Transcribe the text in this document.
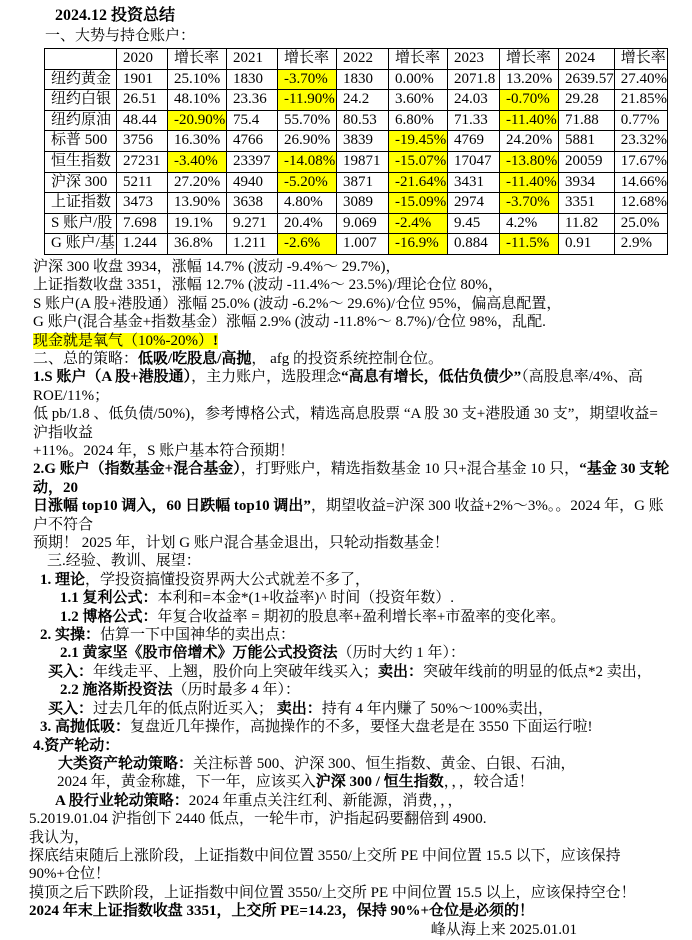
2024.12 投资总结
一、大势与持仓账户：
	2020	增长率	2021	增长率	2022	增长率	2023	增长率	2024	增长率
纽约黄金	1901	25.10%	1830	-3.70%	1830	0.00%	2071.8	13.20%	2639.57	27.40%
纽约白银	26.51	48.10%	23.36	-11.90%	24.2	3.60%	24.03	-0.70%	29.28	21.85%
纽约原油	48.44	-20.90%	75.4	55.70%	80.53	6.80%	71.33	-11.40%	71.88	0.77%
标普 500	3756	16.30%	4766	26.90%	3839	-19.45%	4769	24.20%	5881	23.32%
恒生指数	27231	-3.40%	23397	-14.08%	19871	-15.07%	17047	-13.80%	20059	17.67%
沪深 300	5211	27.20%	4940	-5.20%	3871	-21.64%	3431	-11.40%	3934	14.66%
上证指数	3473	13.90%	3638	4.80%	3089	-15.09%	2974	-3.70%	3351	12.68%
S 账户/股	7.698	19.1%	9.271	20.4%	9.069	-2.4%	9.45	4.2%	11.82	25.0%
G 账户/基	1.244	36.8%	1.211	-2.6%	1.007	-16.9%	0.884	-11.5%	0.91	2.9%
沪深 300 收盘 3934，涨幅 14.7% (波动 -9.4%～ 29.7%)，
上证指数收盘 3351，涨幅 12.7% (波动 -11.4%～ 23.5%)/理论仓位 80%，
S 账户(A 股+港股通）涨幅 25.0% (波动 -6.2%～ 29.6%)/仓位 95%，偏高息配置，
G 账户(混合基金+指数基金）涨幅 2.9% (波动 -11.8%～ 8.7%)/仓位 98%，乱配.
现金就是氧气（10%-20%）!
二、总的策略：低吸/吃股息/高抛， afg 的投资系统控制仓位。
1.S 账户（A 股+港股通），主力账户，选股理念“高息有增长，低估负债少”（高股息率/4%、高 ROE/11%；
低 pb/1.8 、低负债/50%)，参考博格公式，精选高息股票 “A 股 30 支+港股通 30 支”，期望收益=沪指收益
+11%。2024 年，S 账户基本符合预期！
2.G 账户（指数基金+混合基金），打野账户，精选指数基金 10 只+混合基金 10 只，“基金 30 支轮动，20
日涨幅 top10 调入，60 日跌幅 top10 调出”，期望收益=沪深 300 收益+2%～3%。。2024 年，G 账户不符合
预期！ 2025 年，计划 G 账户混合基金退出，只轮动指数基金！
三.经验、教训、展望：
1. 理论，学投资搞懂投资界两大公式就差不多了，
1.1 复利公式：本利和=本金*(1+收益率)^ 时间（投资年数）.
1.2 博格公式：年复合收益率 = 期初的股息率+盈利增长率+市盈率的变化率。
2. 实操：估算一下中国神华的卖出点：
2.1 黄家坚《股市倍增术》万能公式投资法（历时大约 1 年）：
买入：年线走平、上翘，股价向上突破年线买入；卖出：突破年线前的明显的低点*2 卖出，
2.2 施洛斯投资法（历时最多 4 年）：
买入：过去几年的低点附近买入； 卖出：持有 4 年内赚了 50%～100%卖出，
3. 高抛低吸：复盘近几年操作，高抛操作的不多，要怪大盘老是在 3550 下面运行啦!
4.资产轮动：
大类资产轮动策略：关注标普 500、沪深 300、恒生指数、黄金、白银、石油，
2024 年，黄金称雄，下一年，应该买入沪深 300 / 恒生指数，，，较合适！
A 股行业轮动策略：2024 年重点关注红利、新能源，消费，，，
5.2019.01.04 沪指创下 2440 低点，一轮牛市，沪指起码要翻倍到 4900.
我认为，
探底结束随后上涨阶段，上证指数中间位置 3550/上交所 PE 中间位置 15.5 以下，应该保持 90%+仓位！
摸顶之后下跌阶段，上证指数中间位置 3550/上交所 PE 中间位置 15.5 以上，应该保持空仓！
2024 年末上证指数收盘 3351，上交所 PE=14.23，保持 90%+仓位是必须的！
峰从海上来 2025.01.01
